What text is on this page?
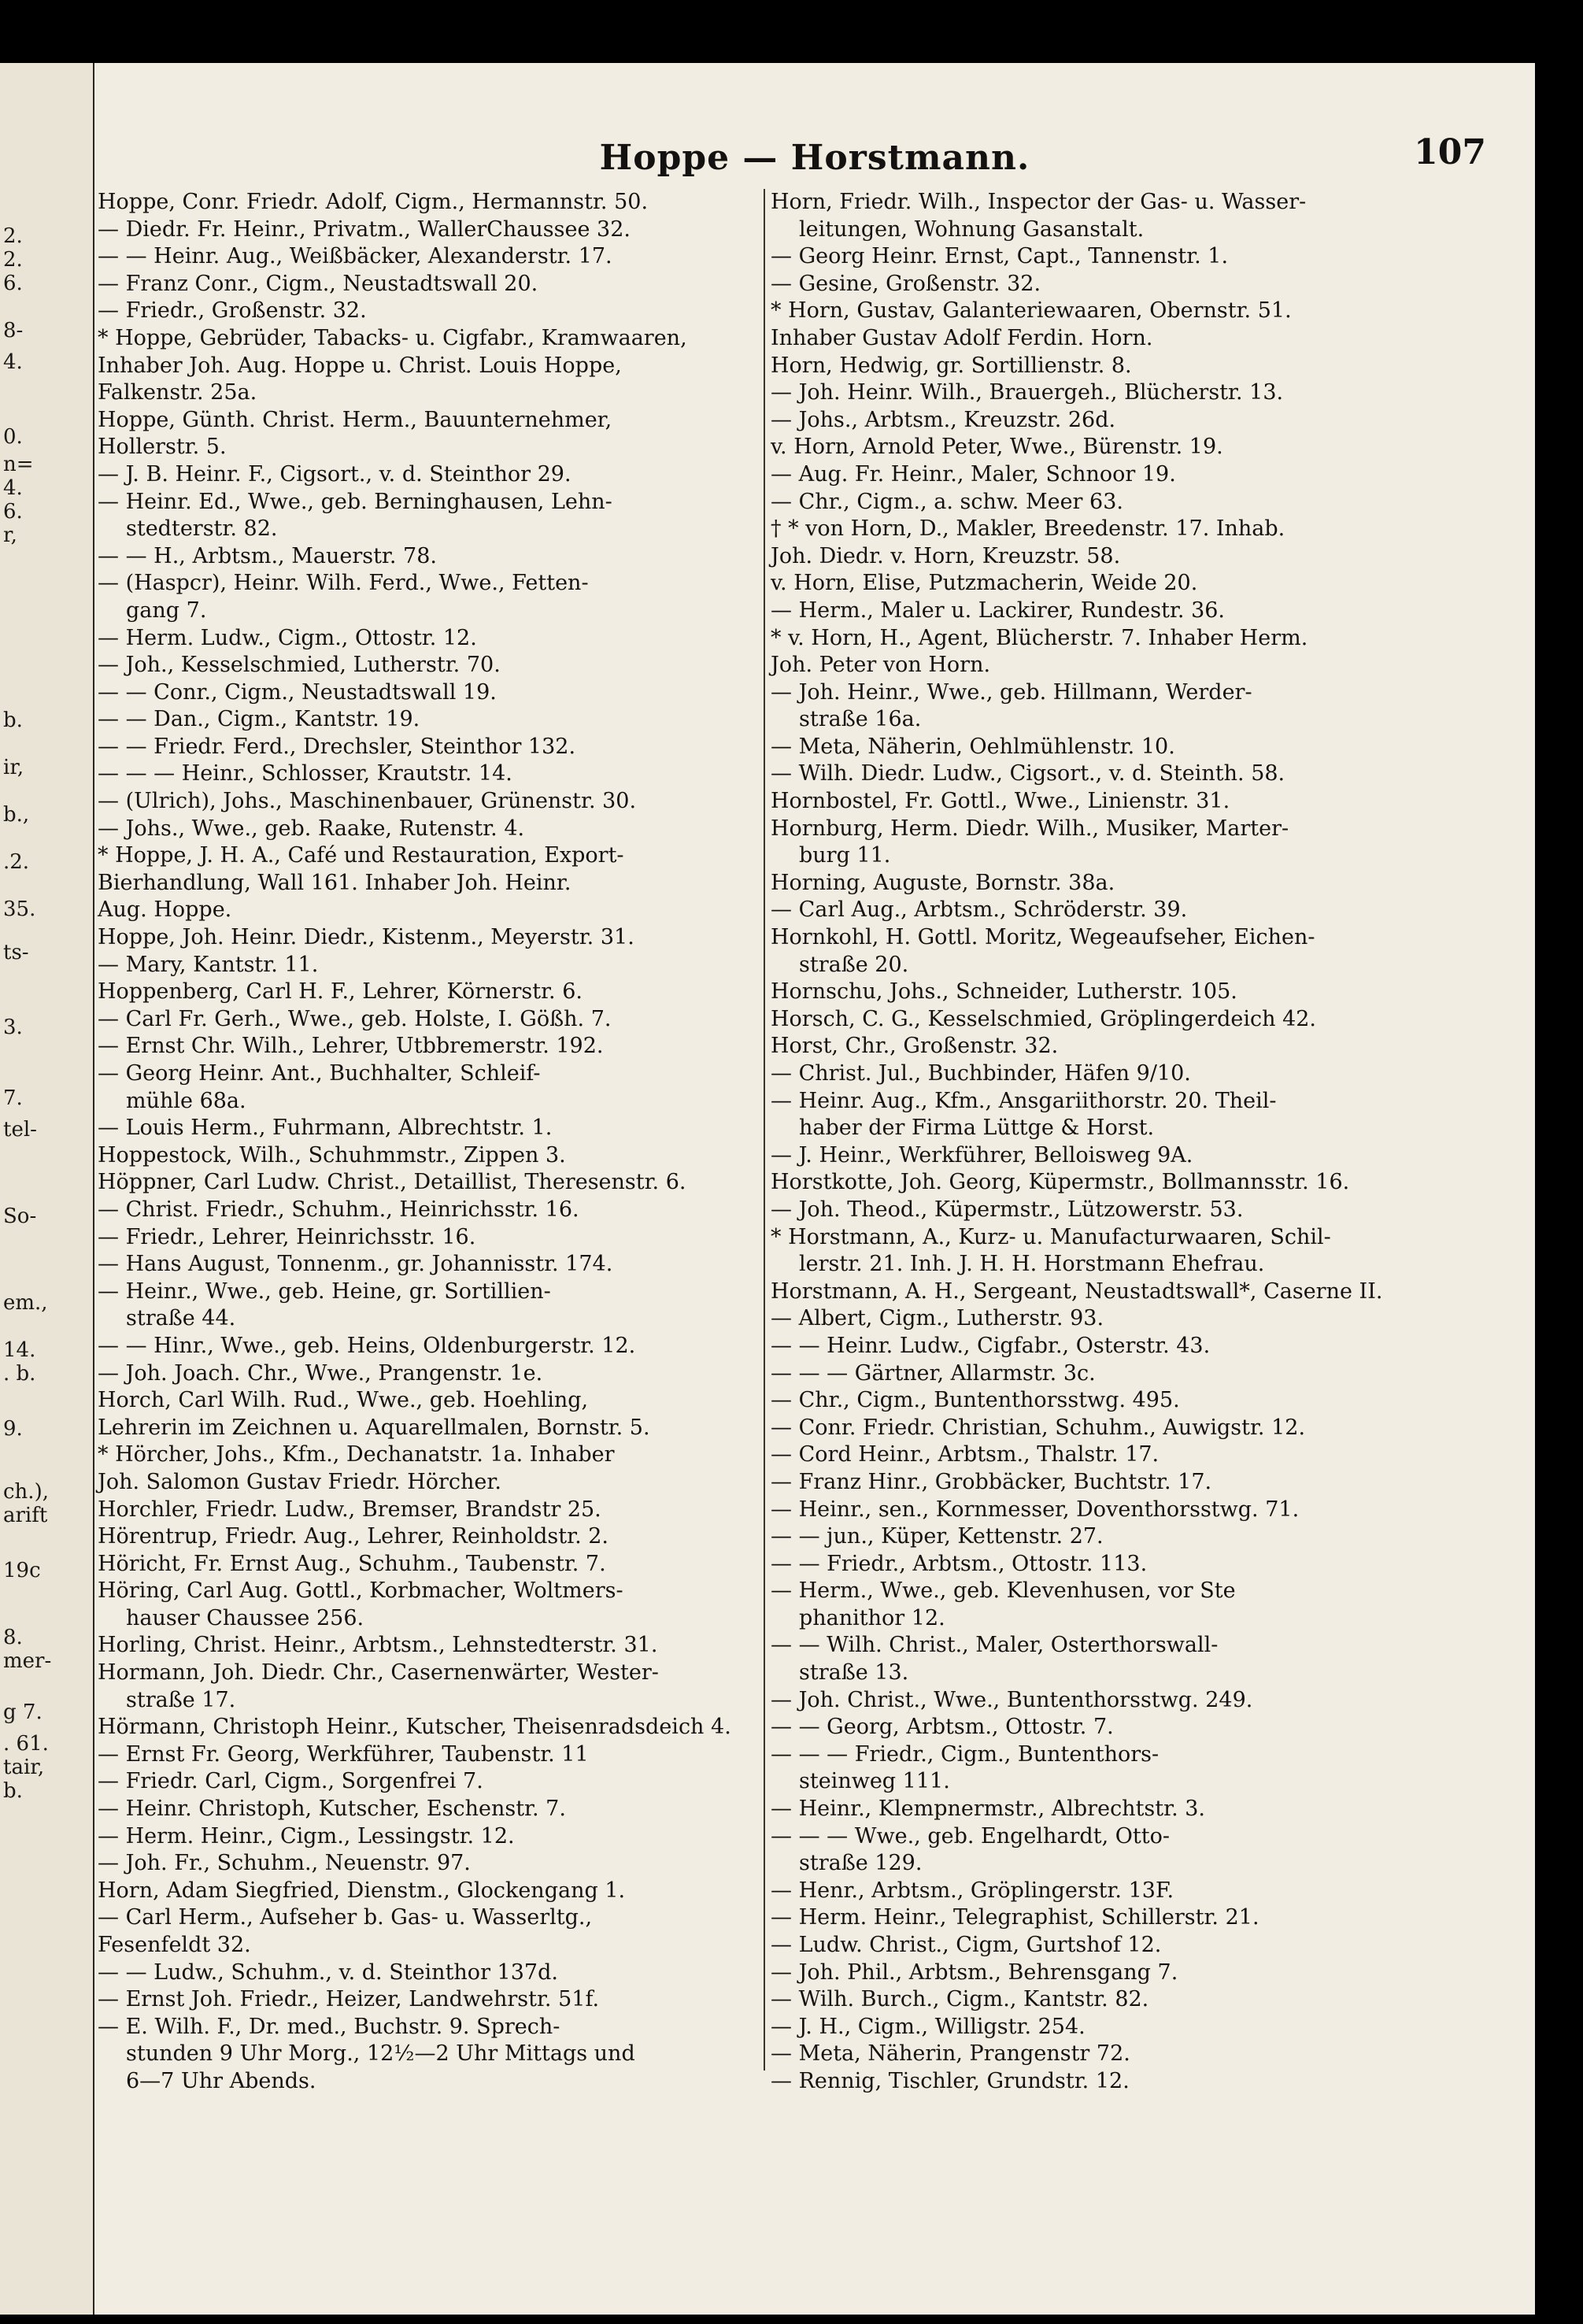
2.
2.
6.
8-
4.
0.
n=
4.
6.
r,
b.
ir,
b.,
.2.
35.
ts-
3.
7.
tel-
So-
em.,
14.
. b.
9.
ch.),
arift
19c
8.
mer-
g 7.
. 61.
tair,
b.
Hoppe — Horstmann.	107
Hoppe, Conr. Friedr. Adolf, Cigm., Hermannstr. 50.
— Diedr. Fr. Heinr., Privatm., WallerChaussee 32.
— — Heinr. Aug., Weißbäcker, Alexanderstr. 17.
— Franz Conr., Cigm., Neustadtswall 20.
— Friedr., Großenstr. 32.
* Hoppe, Gebrüder, Tabacks- u. Cigfabr., Kramwaaren,
Inhaber Joh. Aug. Hoppe u. Christ. Louis Hoppe,
Falkenstr. 25a.
Hoppe, Günth. Christ. Herm., Bauunternehmer,
Hollerstr. 5.
— J. B. Heinr. F., Cigsort., v. d. Steinthor 29.
— Heinr. Ed., Wwe., geb. Berninghausen, Lehn-
stedterstr. 82.
— — H., Arbtsm., Mauerstr. 78.
— (Haspcr), Heinr. Wilh. Ferd., Wwe., Fetten-
gang 7.
— Herm. Ludw., Cigm., Ottostr. 12.
— Joh., Kesselschmied, Lutherstr. 70.
— — Conr., Cigm., Neustadtswall 19.
— — Dan., Cigm., Kantstr. 19.
— — Friedr. Ferd., Drechsler, Steinthor 132.
— — — Heinr., Schlosser, Krautstr. 14.
— (Ulrich), Johs., Maschinenbauer, Grünenstr. 30.
— Johs., Wwe., geb. Raake, Rutenstr. 4.
* Hoppe, J. H. A., Café und Restauration, Export-
Bierhandlung, Wall 161. Inhaber Joh. Heinr.
Aug. Hoppe.
Hoppe, Joh. Heinr. Diedr., Kistenm., Meyerstr. 31.
— Mary, Kantstr. 11.
Hoppenberg, Carl H. F., Lehrer, Körnerstr. 6.
— Carl Fr. Gerh., Wwe., geb. Holste, I. Gößh. 7.
— Ernst Chr. Wilh., Lehrer, Utbbremerstr. 192.
— Georg Heinr. Ant., Buchhalter, Schleif-
mühle 68a.
— Louis Herm., Fuhrmann, Albrechtstr. 1.
Hoppestock, Wilh., Schuhmmstr., Zippen 3.
Höppner, Carl Ludw. Christ., Detaillist, Theresenstr. 6.
— Christ. Friedr., Schuhm., Heinrichsstr. 16.
— Friedr., Lehrer, Heinrichsstr. 16.
— Hans August, Tonnenm., gr. Johannisstr. 174.
— Heinr., Wwe., geb. Heine, gr. Sortillien-
straße 44.
— — Hinr., Wwe., geb. Heins, Oldenburgerstr. 12.
— Joh. Joach. Chr., Wwe., Prangenstr. 1e.
Horch, Carl Wilh. Rud., Wwe., geb. Hoehling,
Lehrerin im Zeichnen u. Aquarellmalen, Bornstr. 5.
* Hörcher, Johs., Kfm., Dechanatstr. 1a. Inhaber
Joh. Salomon Gustav Friedr. Hörcher.
Horchler, Friedr. Ludw., Bremser, Brandstr 25.
Hörentrup, Friedr. Aug., Lehrer, Reinholdstr. 2.
Höricht, Fr. Ernst Aug., Schuhm., Taubenstr. 7.
Höring, Carl Aug. Gottl., Korbmacher, Woltmers-
hauser Chaussee 256.
Horling, Christ. Heinr., Arbtsm., Lehnstedterstr. 31.
Hormann, Joh. Diedr. Chr., Casernenwärter, Wester-
straße 17.
Hörmann, Christoph Heinr., Kutscher, Theisenradsdeich 4.
— Ernst Fr. Georg, Werkführer, Taubenstr. 11
— Friedr. Carl, Cigm., Sorgenfrei 7.
— Heinr. Christoph, Kutscher, Eschenstr. 7.
— Herm. Heinr., Cigm., Lessingstr. 12.
— Joh. Fr., Schuhm., Neuenstr. 97.
Horn, Adam Siegfried, Dienstm., Glockengang 1.
— Carl Herm., Aufseher b. Gas- u. Wasserltg.,
Fesenfeldt 32.
— — Ludw., Schuhm., v. d. Steinthor 137d.
— Ernst Joh. Friedr., Heizer, Landwehrstr. 51f.
— E. Wilh. F., Dr. med., Buchstr. 9. Sprech-
stunden 9 Uhr Morg., 12½—2 Uhr Mittags und
6—7 Uhr Abends.
Horn, Friedr. Wilh., Inspector der Gas- u. Wasser-
leitungen, Wohnung Gasanstalt.
— Georg Heinr. Ernst, Capt., Tannenstr. 1.
— Gesine, Großenstr. 32.
* Horn, Gustav, Galanteriewaaren, Obernstr. 51.
Inhaber Gustav Adolf Ferdin. Horn.
Horn, Hedwig, gr. Sortillienstr. 8.
— Joh. Heinr. Wilh., Brauergeh., Blücherstr. 13.
— Johs., Arbtsm., Kreuzstr. 26d.
v. Horn, Arnold Peter, Wwe., Bürenstr. 19.
— Aug. Fr. Heinr., Maler, Schnoor 19.
— Chr., Cigm., a. schw. Meer 63.
† * von Horn, D., Makler, Breedenstr. 17. Inhab.
Joh. Diedr. v. Horn, Kreuzstr. 58.
v. Horn, Elise, Putzmacherin, Weide 20.
— Herm., Maler u. Lackirer, Rundestr. 36.
* v. Horn, H., Agent, Blücherstr. 7. Inhaber Herm.
Joh. Peter von Horn.
— Joh. Heinr., Wwe., geb. Hillmann, Werder-
straße 16a.
— Meta, Näherin, Oehlmühlenstr. 10.
— Wilh. Diedr. Ludw., Cigsort., v. d. Steinth. 58.
Hornbostel, Fr. Gottl., Wwe., Linienstr. 31.
Hornburg, Herm. Diedr. Wilh., Musiker, Marter-
burg 11.
Horning, Auguste, Bornstr. 38a.
— Carl Aug., Arbtsm., Schröderstr. 39.
Hornkohl, H. Gottl. Moritz, Wegeaufseher, Eichen-
straße 20.
Hornschu, Johs., Schneider, Lutherstr. 105.
Horsch, C. G., Kesselschmied, Gröplingerdeich 42.
Horst, Chr., Großenstr. 32.
— Christ. Jul., Buchbinder, Häfen 9/10.
— Heinr. Aug., Kfm., Ansgariithorstr. 20. Theil-
haber der Firma Lüttge & Horst.
— J. Heinr., Werkführer, Belloisweg 9A.
Horstkotte, Joh. Georg, Küpermstr., Bollmannsstr. 16.
— Joh. Theod., Küpermstr., Lützowerstr. 53.
* Horstmann, A., Kurz- u. Manufacturwaaren, Schil-
lerstr. 21. Inh. J. H. H. Horstmann Ehefrau.
Horstmann, A. H., Sergeant, Neustadtswall*, Caserne II.
— Albert, Cigm., Lutherstr. 93.
— — Heinr. Ludw., Cigfabr., Osterstr. 43.
— — — Gärtner, Allarmstr. 3c.
— Chr., Cigm., Buntenthorsstwg. 495.
— Conr. Friedr. Christian, Schuhm., Auwigstr. 12.
— Cord Heinr., Arbtsm., Thalstr. 17.
— Franz Hinr., Grobbäcker, Buchtstr. 17.
— Heinr., sen., Kornmesser, Doventhorsstwg. 71.
— — jun., Küper, Kettenstr. 27.
— — Friedr., Arbtsm., Ottostr. 113.
— Herm., Wwe., geb. Klevenhusen, vor Ste
phanithor 12.
— — Wilh. Christ., Maler, Osterthorswall-
straße 13.
— Joh. Christ., Wwe., Buntenthorsstwg. 249.
— — Georg, Arbtsm., Ottostr. 7.
— — — Friedr., Cigm., Buntenthors-
steinweg 111.
— Heinr., Klempnermstr., Albrechtstr. 3.
— — — Wwe., geb. Engelhardt, Otto-
straße 129.
— Henr., Arbtsm., Gröplingerstr. 13F.
— Herm. Heinr., Telegraphist, Schillerstr. 21.
— Ludw. Christ., Cigm, Gurtshof 12.
— Joh. Phil., Arbtsm., Behrensgang 7.
— Wilh. Burch., Cigm., Kantstr. 82.
— J. H., Cigm., Willigstr. 254.
— Meta, Näherin, Prangenstr 72.
— Rennig, Tischler, Grundstr. 12.
